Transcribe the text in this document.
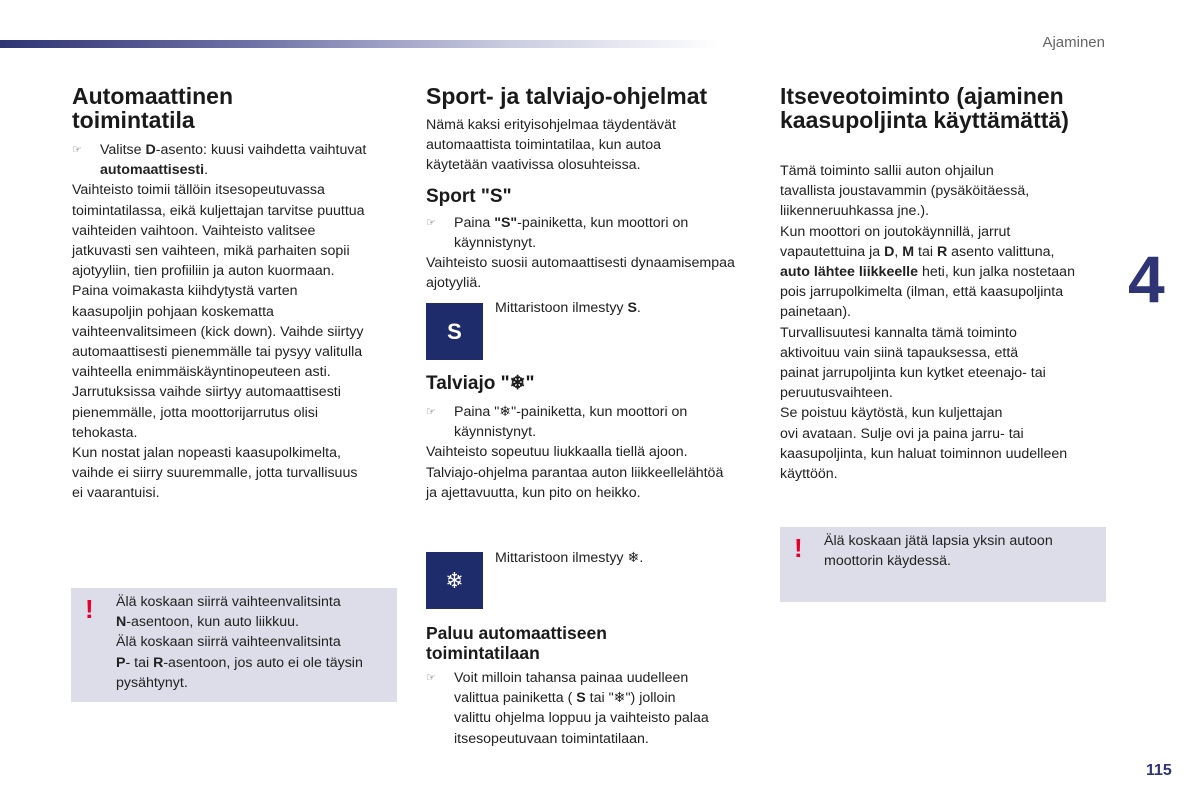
Ajaminen
4
115
Automaattinen
toimintatila
☞ Valitse D-asento: kuusi vaihdetta vaihtuvat
automaattisesti.

Vaihteisto toimii tällöin itsesopeutuvassa

toimintatilassa, eikä kuljettajan tarvitse puuttua

vaihteiden vaihtoon. Vaihteisto valitsee

jatkuvasti sen vaihteen, mikä parhaiten sopii

ajotyyliin, tien profiiliin ja auton kuormaan.

Paina voimakasta kiihdytystä varten

kaasupoljin pohjaan koskematta

vaihteenvalitsimeen (kick down). Vaihde siirtyy

automaattisesti pienemmälle tai pysyy valitulla

vaihteella enimmäiskäyntinopeuteen asti.

Jarrutuksissa vaihde siirtyy automaattisesti

pienemmälle, jotta moottorijarrutus olisi

tehokasta.

Kun nostat jalan nopeasti kaasupolkimelta,

vaihde ei siirry suuremmalle, jotta turvallisuus

ei vaarantuisi.

! Älä koskaan siirrä vaihteenvalitsinta

N-asentoon, kun auto liikkuu.

Älä koskaan siirrä vaihteenvalitsinta

P- tai R-asentoon, jos auto ei ole täysin

pysähtynyt.

Sport- ja talviajo-ohjelmat

Nämä kaksi erityisohjelmaa täydentävät

automaattista toimintatilaa, kun autoa

käytetään vaativissa olosuhteissa.

Sport "S"
☞ Paina "S"-painiketta, kun moottori on
käynnistynyt.

Vaihteisto suosii automaattisesti dynaamisempaa

ajotyyliä.

S
Mittaristoon ilmestyy S.
Talviajo "❄"
☞ Paina "❄"-painiketta, kun moottori on
käynnistynyt.

Vaihteisto sopeutuu liukkaalla tiellä ajoon.

Talviajo-ohjelma parantaa auton liikkeellelähtöä

ja ajettavuutta, kun pito on heikko.

❄
Mittaristoon ilmestyy ❄.
Paluu automaattiseen
toimintatilaan
☞ Voit milloin tahansa painaa uudelleen
valittua painiketta ( S tai "❄") jolloin
valittu ohjelma loppuu ja vaihteisto palaa
itsesopeutuvaan toimintatilaan.
Itseveotoiminto (ajaminen
kaasupoljinta käyttämättä)

Tämä toiminto sallii auton ohjailun

tavallista joustavammin (pysäköitäessä,

liikenneruuhkassa jne.).

Kun moottori on joutokäynnillä, jarrut

vapautettuina ja D, M tai R asento valittuna,

auto lähtee liikkeelle heti, kun jalka nostetaan

pois jarrupolkimelta (ilman, että kaasupoljinta

painetaan).

Turvallisuutesi kannalta tämä toiminto

aktivoituu vain siinä tapauksessa, että

painat jarrupoljinta kun kytket eteenajo- tai

peruutusvaihteen.

Se poistuu käytöstä, kun kuljettajan

ovi avataan. Sulje ovi ja paina jarru- tai

kaasupoljinta, kun haluat toiminnon uudelleen

käyttöön.

! Älä koskaan jätä lapsia yksin autoon

moottorin käydessä.
